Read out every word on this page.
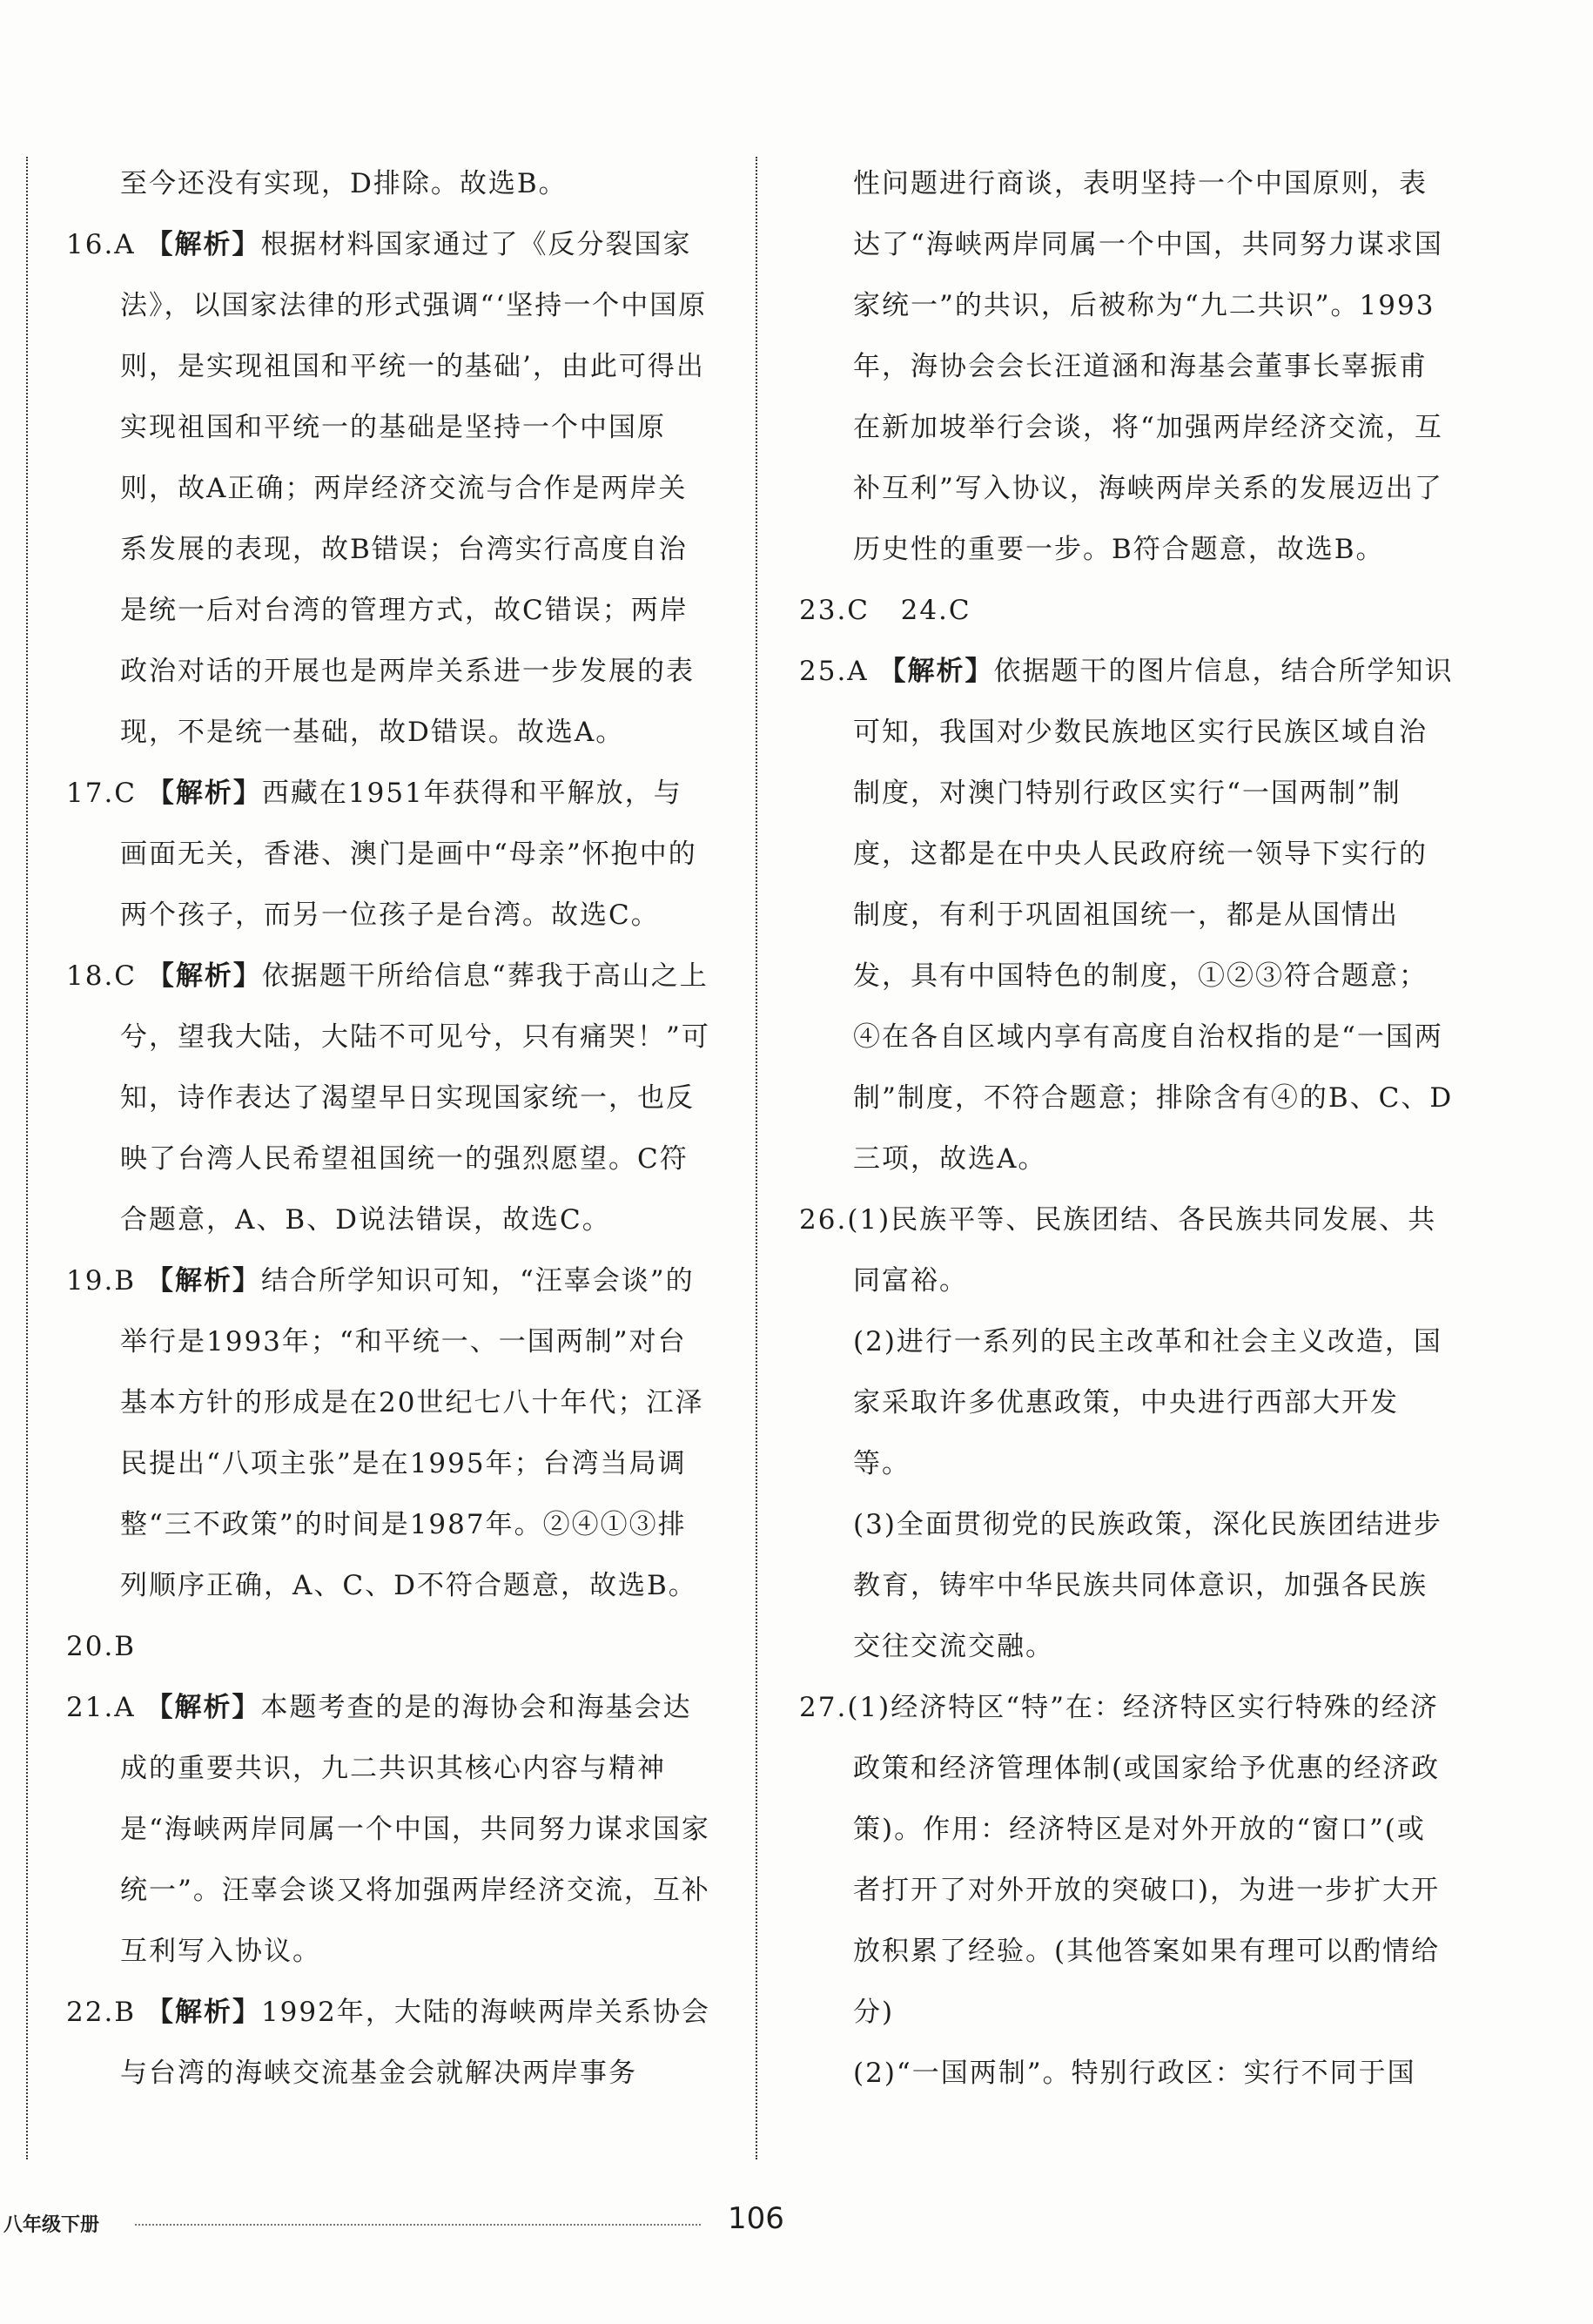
至今还没有实现，D排除。故选B。
16.A 【解析】根据材料国家通过了《反分裂国家法》，以国家法律的形式强调“‘坚持一个中国原则，是实现祖国和平统一的基础’，由此可得出实现祖国和平统一的基础是坚持一个中国原则，故A正确；两岸经济交流与合作是两岸关系发展的表现，故B错误；台湾实行高度自治是统一后对台湾的管理方式，故C错误；两岸政治对话的开展也是两岸关系进一步发展的表现，不是统一基础，故D错误。故选A。
17.C 【解析】西藏在1951年获得和平解放，与画面无关，香港、澳门是画中“母亲”怀抱中的两个孩子，而另一位孩子是台湾。故选C。
18.C 【解析】依据题干所给信息“葬我于高山之上兮，望我大陆，大陆不可见兮，只有痛哭！”可知，诗作表达了渴望早日实现国家统一，也反映了台湾人民希望祖国统一的强烈愿望。C符合题意，A、B、D说法错误，故选C。
19.B 【解析】结合所学知识可知，“汪辜会谈”的举行是1993年；“和平统一、一国两制”对台基本方针的形成是在20世纪七八十年代；江泽民提出“八项主张”是在1995年；台湾当局调整“三不政策”的时间是1987年。②④①③排列顺序正确，A、C、D不符合题意，故选B。
20.B
21.A 【解析】本题考查的是的海协会和海基会达成的重要共识，九二共识其核心内容与精神是“海峡两岸同属一个中国，共同努力谋求国家统一”。汪辜会谈又将加强两岸经济交流，互补互利写入协议。
22.B 【解析】1992年，大陆的海峡两岸关系协会与台湾的海峡交流基金会就解决两岸事务
性问题进行商谈，表明坚持一个中国原则，表达了“海峡两岸同属一个中国，共同努力谋求国家统一”的共识，后被称为“九二共识”。1993年，海协会会长汪道涵和海基会董事长辜振甫在新加坡举行会谈，将“加强两岸经济交流，互补互利”写入协议，海峡两岸关系的发展迈出了历史性的重要一步。B符合题意，故选B。
23.C 24.C
25.A 【解析】依据题干的图片信息，结合所学知识可知，我国对少数民族地区实行民族区域自治制度，对澳门特别行政区实行“一国两制”制度，这都是在中央人民政府统一领导下实行的制度，有利于巩固祖国统一，都是从国情出发，具有中国特色的制度，①②③符合题意；④在各自区域内享有高度自治权指的是“一国两制”制度，不符合题意；排除含有④的B、C、D三项，故选A。
26.(1)民族平等、民族团结、各民族共同发展、共同富裕。
(2)进行一系列的民主改革和社会主义改造，国家采取许多优惠政策，中央进行西部大开发等。
(3)全面贯彻党的民族政策，深化民族团结进步教育，铸牢中华民族共同体意识，加强各民族交往交流交融。
27.(1)经济特区“特”在：经济特区实行特殊的经济政策和经济管理体制(或国家给予优惠的经济政策)。作用：经济特区是对外开放的“窗口”(或者打开了对外开放的突破口)，为进一步扩大开放积累了经验。(其他答案如果有理可以酌情给分)
(2)“一国两制”。特别行政区：实行不同于国
八年级下册	106
